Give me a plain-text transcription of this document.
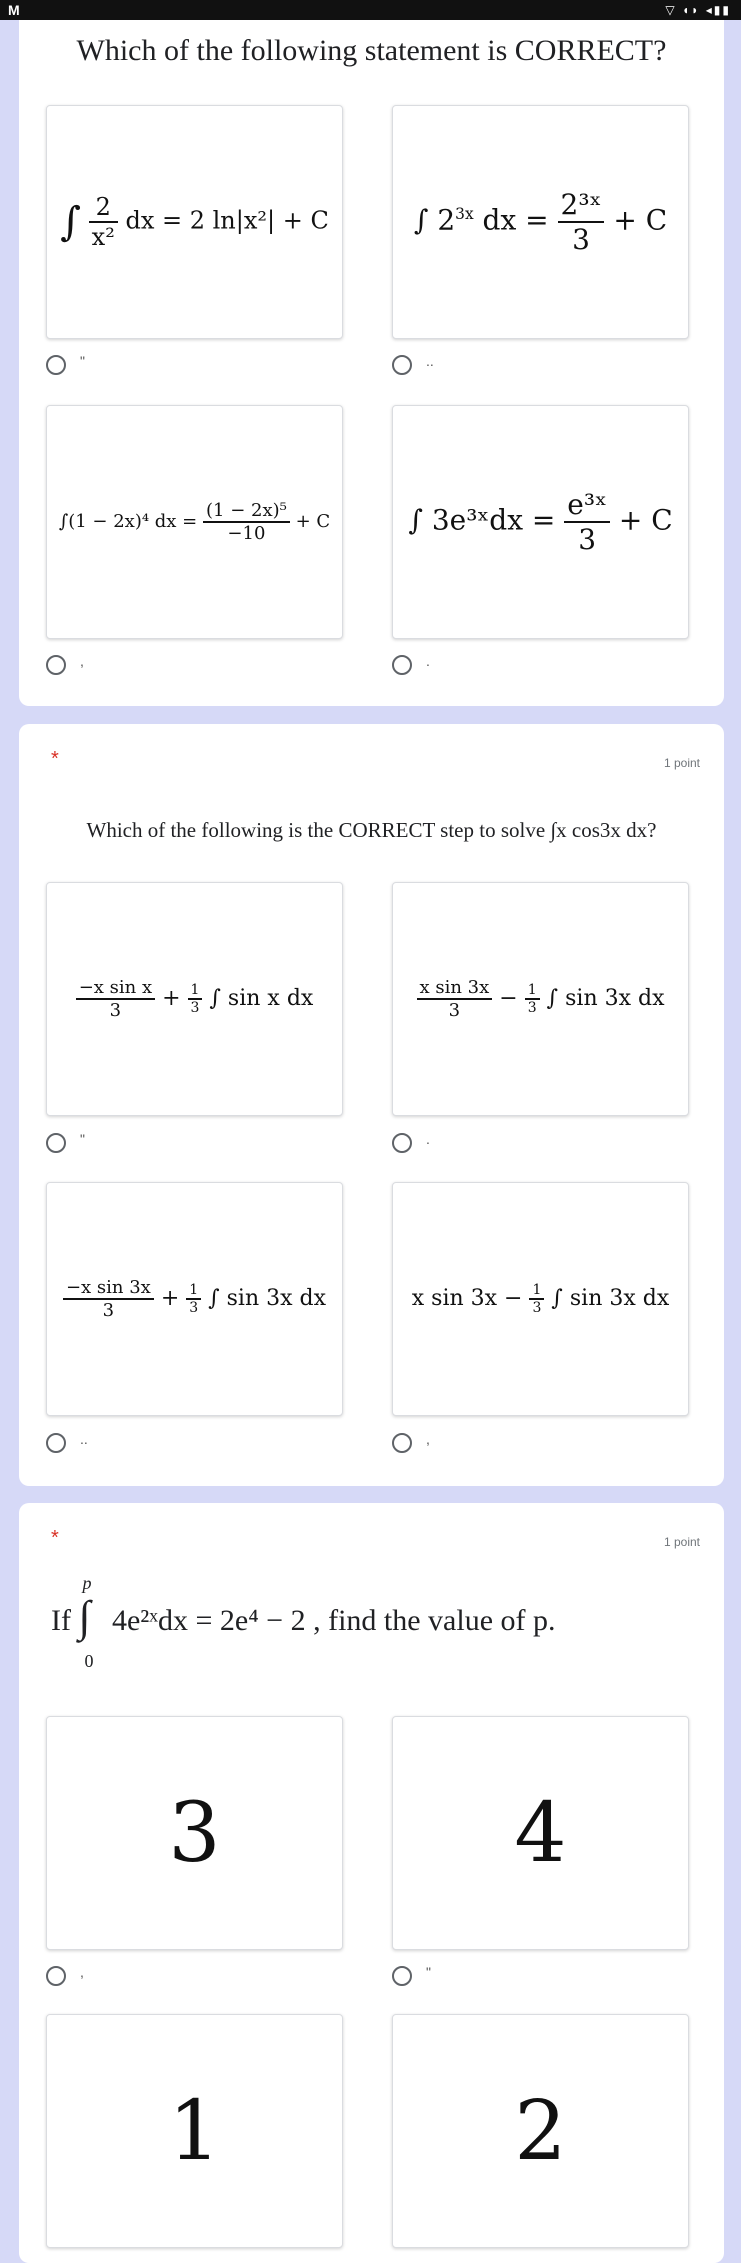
M	▽ ◖◗ ◂▮▮
Which of the following statement is CORRECT?
∫ $\frac{2}{\text{x²}}$ dx = 2 ln|x²| + C	∫ $2^{3x}$ dx = $\frac{\text{2³ˣ}}{3} + C$
"	..
∫(1 − 2x)⁴ dx = $\frac{\text{(1 − 2x)⁵}}{-10} + C$	∫ 3e³ˣdx = $\frac{\text{e³ˣ}}{3} + C$
,	.
*	1 point
Which of the following is the CORRECT step to solve ∫x cos3x dx?
$\frac{\text{−x sin x}}{3} + \frac{1}{3}$ ∫ sin x dx	$\frac{\text{x sin 3x}}{3} - \frac{1}{3}$ ∫ sin 3x dx
"	.
$\frac{\text{−x sin 3x}}{3} + \frac{1}{3}$ ∫ sin 3x dx	x $\sin 3x - \frac{1}{3}$ ∫ sin 3x dx
..	,
*	1 point
If
p
∫
0
4e²ˣdx = 2e⁴ − 2 , find the value of p.
3	4
,	"
1	2
